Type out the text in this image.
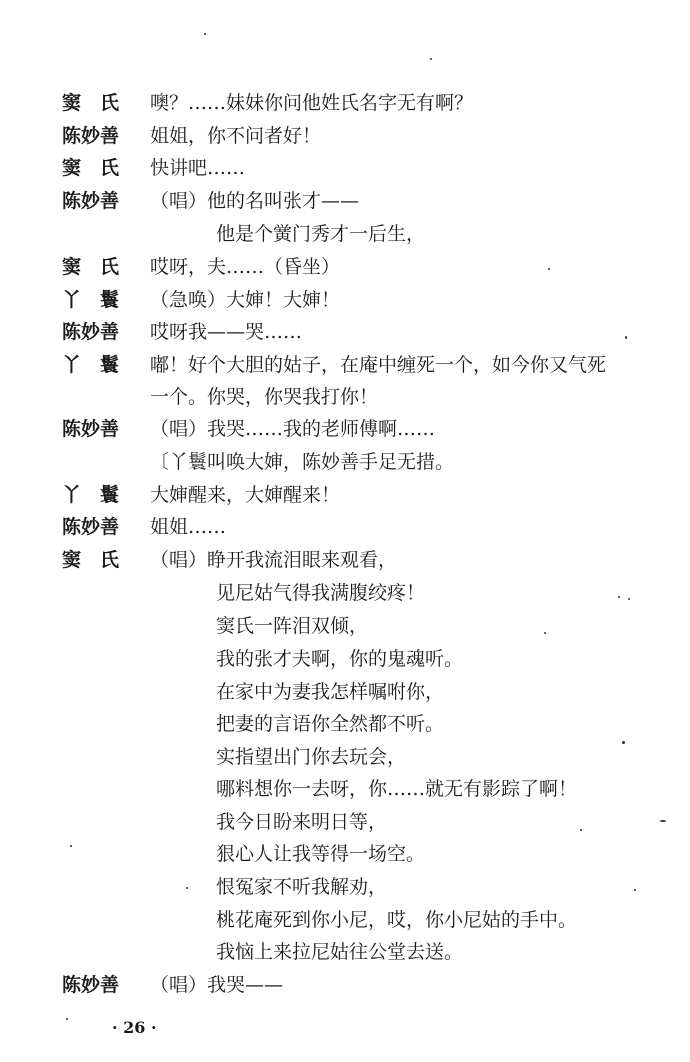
窦　氏	噢？……妹妹你问他姓氏名字无有啊？
陈妙善	姐姐，你不问者好！
窦　氏	快讲吧……
陈妙善	（唱）他的名叫张才——
他是个黉门秀才一后生，
窦　氏	哎呀，夫……（昏坐）
丫　鬟	（急唤）大婶！大婶！
陈妙善	哎呀我——哭……
丫　鬟	嘟！好个大胆的姑子，在庵中缠死一个，如今你又气死
一个。你哭，你哭我打你！
陈妙善	（唱）我哭……我的老师傅啊……
〔丫鬟叫唤大婶，陈妙善手足无措。
丫　鬟	大婶醒来，大婶醒来！
陈妙善	姐姐……
窦　氏	（唱）睁开我流泪眼来观看，
见尼姑气得我满腹绞疼！
窦氏一阵泪双倾，
我的张才夫啊，你的鬼魂听。
在家中为妻我怎样嘱咐你，
把妻的言语你全然都不听。
实指望出门你去玩会，
哪料想你一去呀，你……就无有影踪了啊！
我今日盼来明日等，
狠心人让我等得一场空。
恨冤家不听我解劝，
桃花庵死到你小尼，哎，你小尼姑的手中。
我恼上来拉尼姑往公堂去送。
陈妙善	（唱）我哭——
· 26 ·
